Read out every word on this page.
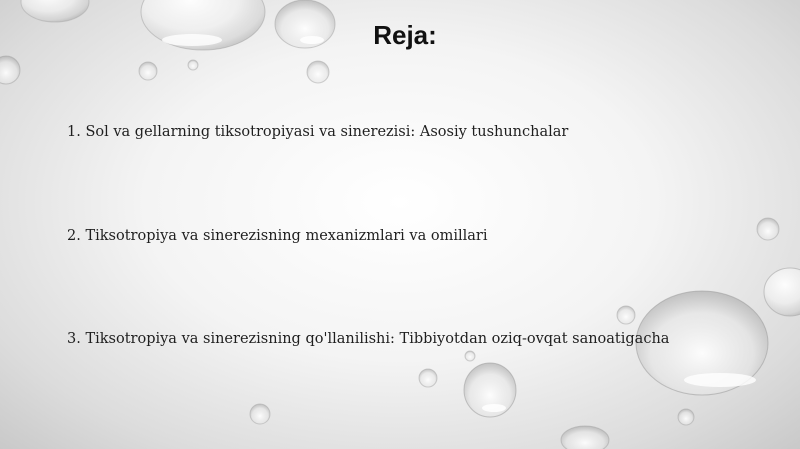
Reja:

1. Sol va gellarning tiksotropiyasi va sinerezisi: Asosiy tushunchalar

2. Tiksotropiya va sinerezisning mexanizmlari va omillari

3. Tiksotropiya va sinerezisning qo'llanilishi: Tibbiyotdan oziq-ovqat sanoatigacha
